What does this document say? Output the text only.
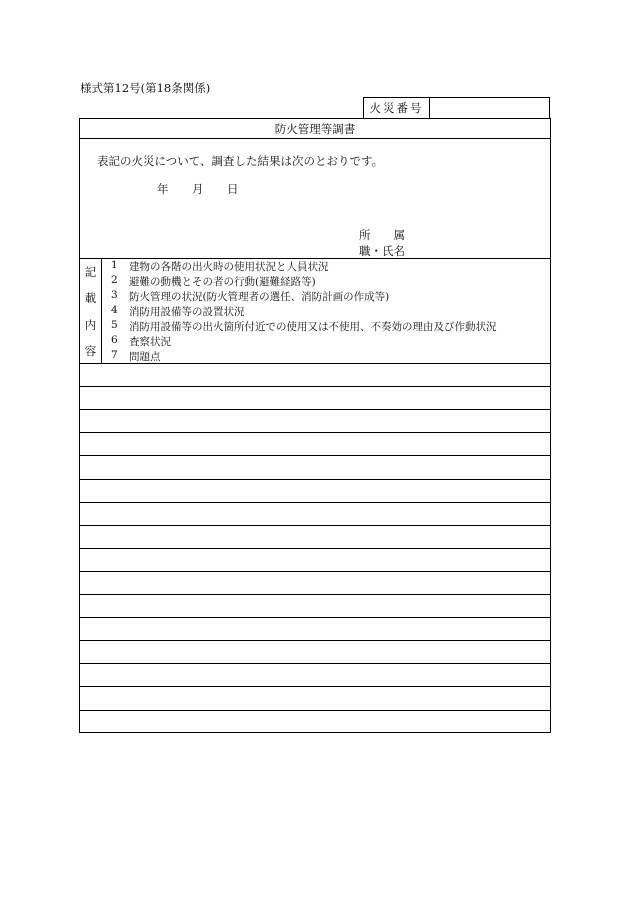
様式第12号(第18条関係)
火災番号
防火管理等調書
表記の火災について、調査した結果は次のとおりです。
年 月 日
所　　属
職・氏名
記
載
内
容
1	建物の各階の出火時の使用状況と人員状況
2	避難の動機とその者の行動(避難経路等)
3	防火管理の状況(防火管理者の選任、消防計画の作成等)
4	消防用設備等の設置状況
5	消防用設備等の出火箇所付近での使用又は不使用、不奏効の理由及び作動状況
6	査察状況
7	問題点
